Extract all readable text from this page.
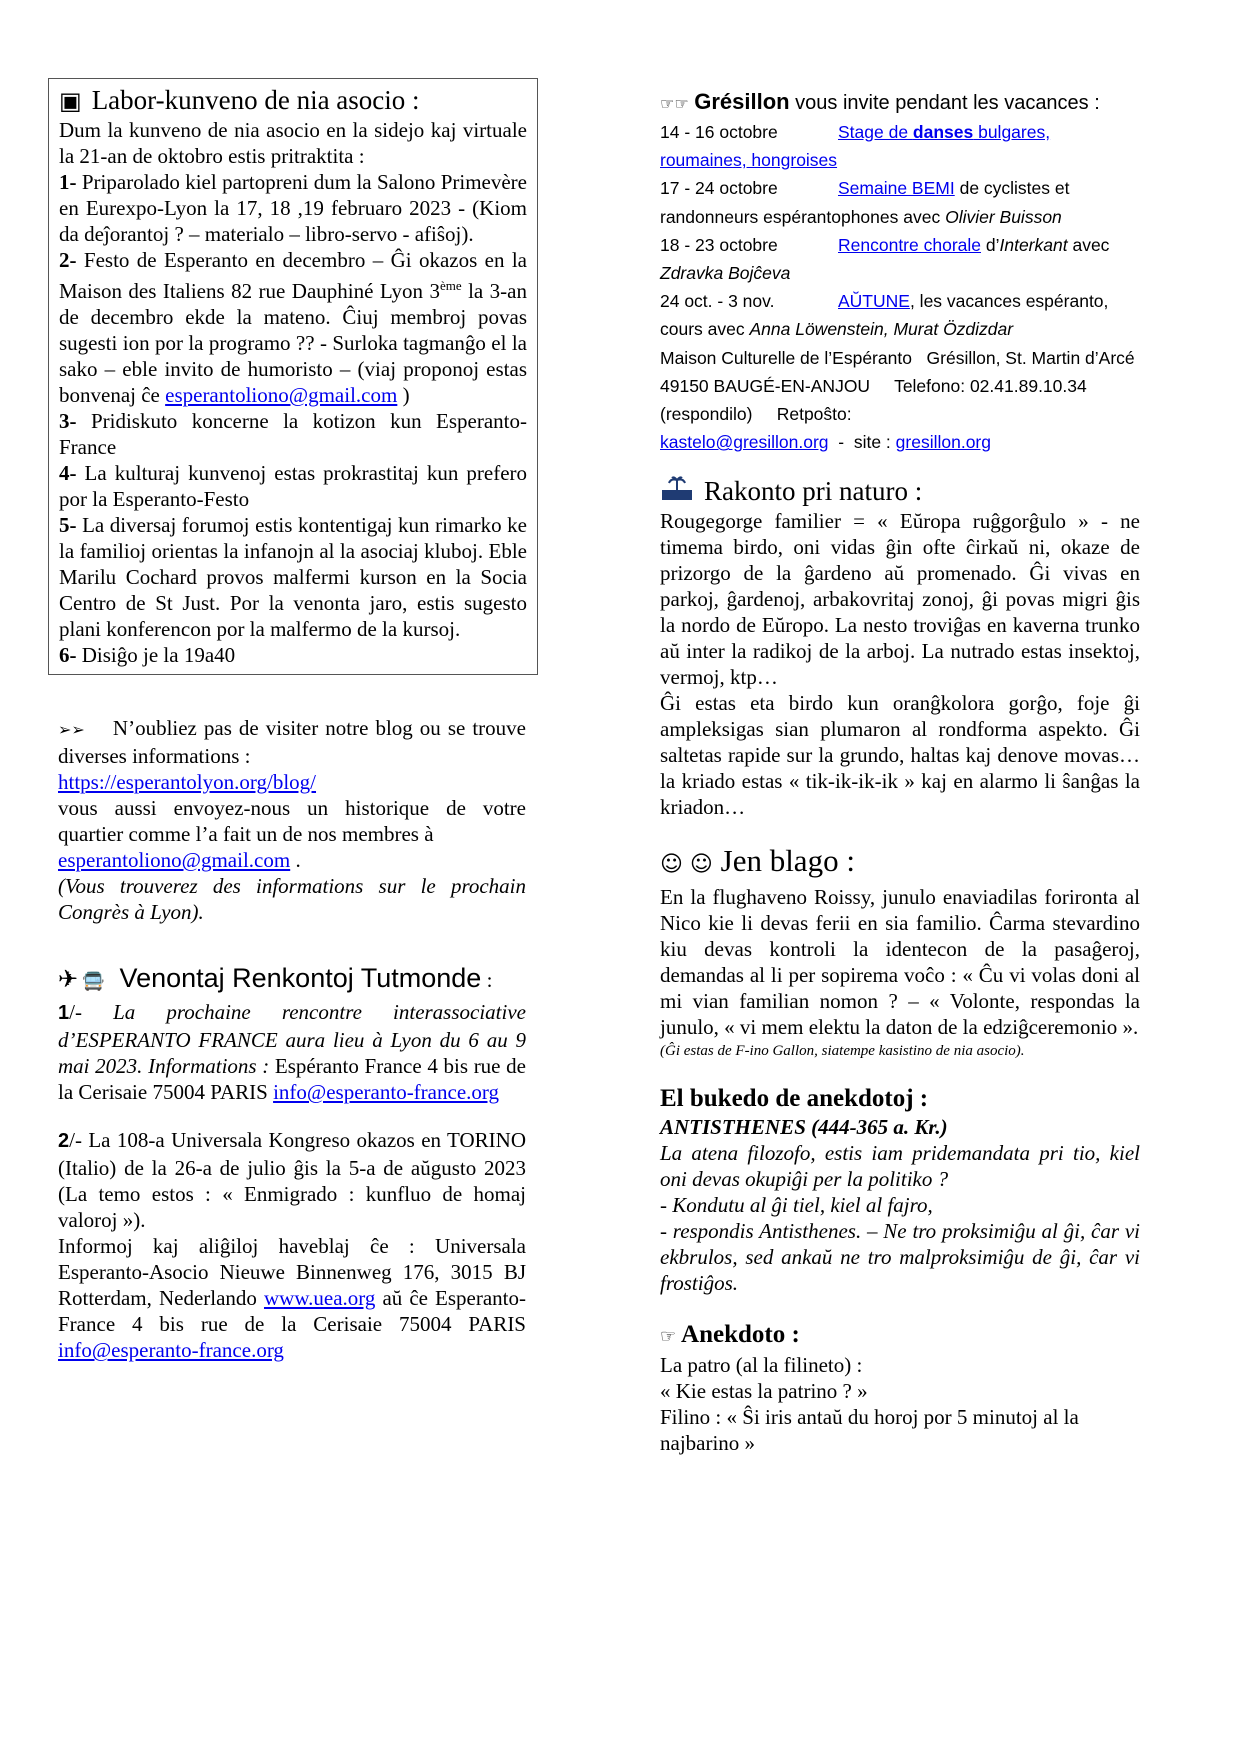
▣ Labor-kunveno de nia asocio :

Dum la kunveno de nia asocio en la sidejo kaj virtuale la 21-an de oktobro estis pritraktita :

1- Priparolado kiel partopreni dum la Salono Primevère en Eurexpo-Lyon la 17, 18 ,19 februaro 2023 - (Kiom da deĵorantoj ? – materialo – libro-servo - afiŝoj).

2- Festo de Esperanto en decembro – Ĝi okazos en la Maison des Italiens 82 rue Dauphiné Lyon 3ème la 3-an de decembro ekde la mateno. Ĉiuj membroj povas sugesti ion por la programo ?? - Surloka tagmanĝo el la sako – eble invito de humoristo – (viaj proponoj estas bonvenaj ĉe esperantoliono@gmail.com )

3- Pridiskuto koncerne la kotizon kun Esperanto-France

4- La kulturaj kunvenoj estas prokrastitaj kun prefero por la Esperanto-Festo

5- La diversaj forumoj estis kontentigaj kun rimarko ke la familioj orientas la infanojn al la asociaj kluboj. Eble Marilu Cochard provos malfermi kurson en la Socia Centro de St Just. Por la venonta jaro, estis sugesto plani konferencon por la malfermo de la kursoj.

6- Disiĝo je la 19a40

➢➢ N’oubliez pas de visiter notre blog ou se trouve diverses informations :

https://esperantolyon.org/blog/

vous aussi envoyez-nous un historique de votre quartier comme l’a fait un de nos membres à
esperantoliono@gmail.com .

(Vous trouverez des informations sur le prochain Congrès à Lyon).

✈ 🚍 Venontaj Renkontoj Tutmonde :

1/- La prochaine rencontre interassociative d’ESPERANTO FRANCE aura lieu à Lyon du 6 au 9 mai 2023. Informations : Espéranto France 4 bis rue de la Cerisaie 75004 PARIS info@esperanto-france.org

2/- La 108-a Universala Kongreso okazos en TORINO (Italio) de la 26-a de julio ĝis la 5-a de aŭgusto 2023 (La temo estos : « Enmigrado : kunfluo de homaj valoroj »).

Informoj kaj aliĝiloj haveblaj ĉe : Universala Esperanto-Asocio Nieuwe Binnenweg 176, 3015 BJ Rotterdam, Nederlando www.uea.org aŭ ĉe Esperanto-France 4 bis rue de la Cerisaie 75004 PARIS info@esperanto-france.org

☞☞ Grésillon vous invite pendant les vacances :

14 - 16 octobre	Stage de danses bulgares, roumaines, hongroises

17 - 24 octobre	Semaine BEMI de cyclistes et randonneurs espérantophones avec Olivier Buisson

18 - 23 octobre	Rencontre chorale d’Interkant avec Zdravka Bojĉeva

24 oct. - 3 nov.	AŬTUNE, les vacances espéranto, cours avec Anna Löwenstein, Murat Özdizdar

Maison Culturelle de l’Espéranto   Grésillon, St. Martin d’Arcé    49150 BAUGÉ-EN-ANJOU     Telefono: 02.41.89.10.34 (respondilo)     Retpoŝto:
kastelo@gresillon.org  -  site : gresillon.org

Rakonto pri naturo :

Rougegorge familier = « Eŭropa ruĝgorĝulo » - ne timema birdo, oni vidas ĝin ofte ĉirkaŭ ni, okaze de prizorgo de la ĝardeno aŭ promenado. Ĝi vivas en parkoj, ĝardenoj, arbakovritaj zonoj, ĝi povas migri ĝis la nordo de Eŭropo. La nesto troviĝas en kaverna trunko aŭ inter la radikoj de la arboj. La nutrado estas insektoj, vermoj, ktp…

Ĝi estas eta birdo kun oranĝkolora gorĝo, foje ĝi ampleksigas sian plumaron al rondforma aspekto. Ĝi saltetas rapide sur la grundo, haltas kaj denove movas…la kriado estas « tik-ik-ik-ik » kaj en alarmo li ŝanĝas la kriadon…

☺ ☺ Jen blago :

En la flughaveno Roissy, junulo enaviadilas forironta al Nico kie li devas ferii en sia familio. Ĉarma stevardino kiu devas kontroli la identecon de la pasaĝeroj, demandas al li per sopirema voĉo : « Ĉu vi volas doni al mi vian familian nomon ? – « Volonte, respondas la junulo, « vi mem elektu la daton de la edziĝceremonio ».

(Ĝi estas de F-ino Gallon, siatempe kasistino de nia asocio).

El bukedo de anekdotoj :

ANTISTHENES (444-365 a. Kr.)

La atena filozofo, estis iam pridemandata pri tio, kiel oni devas okupiĝi per la politiko ?

- Kondutu al ĝi tiel, kiel al fajro,

- respondis Antisthenes. – Ne tro proksimiĝu al ĝi, ĉar vi ekbrulos, sed ankaŭ ne tro malproksimiĝu de ĝi, ĉar vi frostiĝos.

☞ Anekdoto :

La patro (al la filineto) :

« Kie estas la patrino ? »

Filino : « Ŝi iris antaŭ du horoj por 5 minutoj al la najbarino »
